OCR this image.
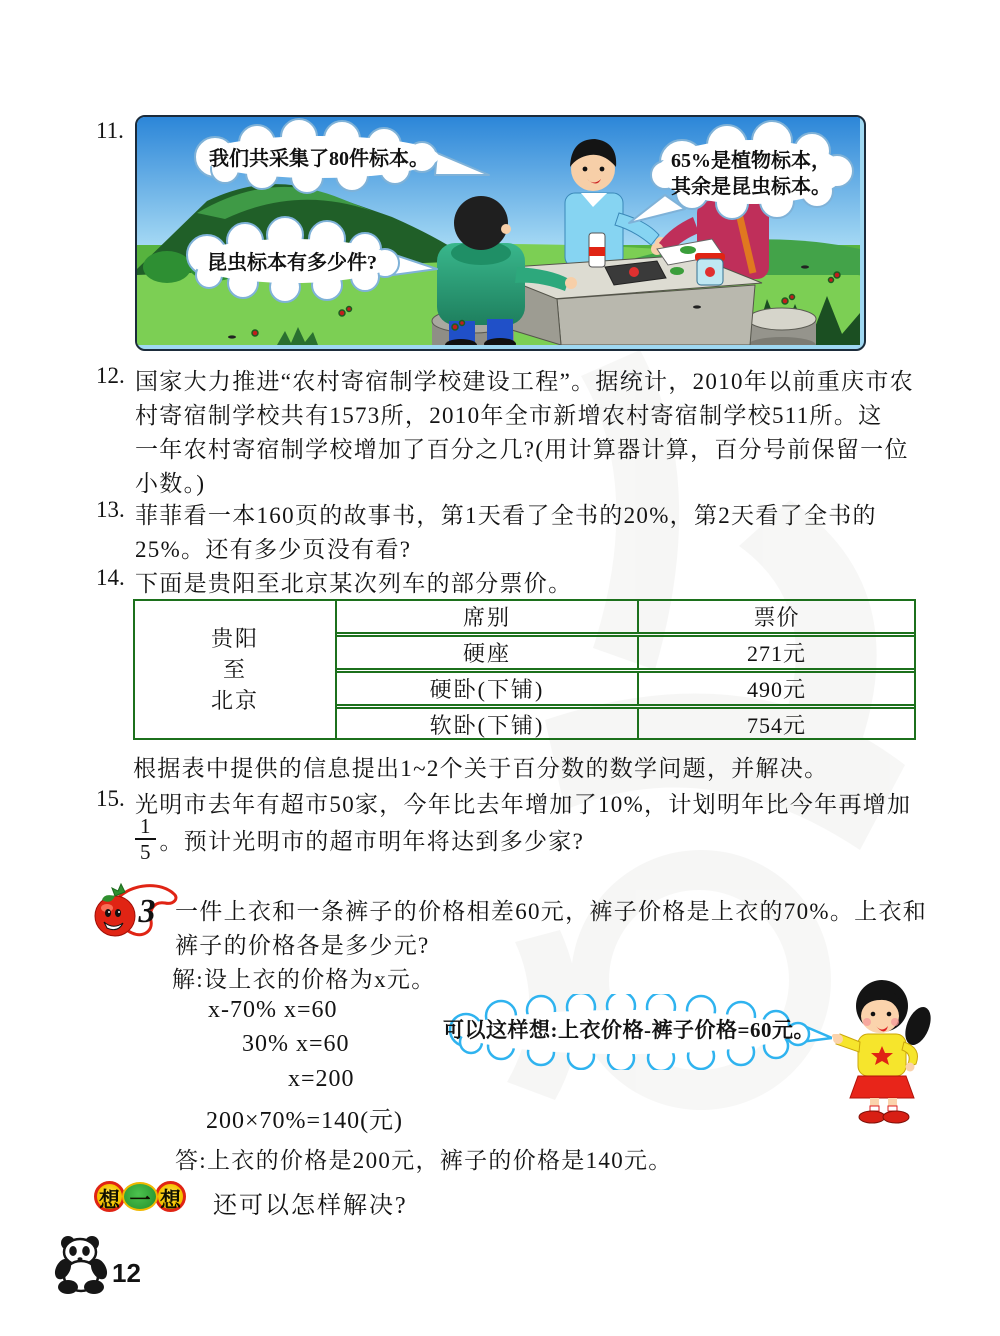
11.
我们共采集了80件标本。	65%是植物标本，
其余是昆虫标本。
昆虫标本有多少件?
12. 国家大力推进“农村寄宿制学校建设工程”。据统计，2010年以前重庆市农
村寄宿制学校共有1573所，2010年全市新增农村寄宿制学校511所。这
一年农村寄宿制学校增加了百分之几?(用计算器计算，百分号前保留一位
小数。)
13. 菲菲看一本160页的故事书，第1天看了全书的20%，第2天看了全书的
25%。还有多少页没有看?
14. 下面是贵阳至北京某次列车的部分票价。
贵阳
至
北京
席别	票价
硬座	271元
硬卧(下铺)	490元
软卧(下铺)	754元
根据表中提供的信息提出1~2个关于百分数的数学问题，并解决。
15. 光明市去年有超市50家，今年比去年增加了10%，计划明年比今年再增加
$\frac{1}{5}$ 。预计光明市的超市明年将达到多少家?
3 一件上衣和一条裤子的价格相差60元，裤子价格是上衣的70%。上衣和
裤子的价格各是多少元?
解:设上衣的价格为x元。
x-70% x=60
30% x=60
x=200
200×70%=140(元)
可以这样想:上衣价格-裤子价格=60元。
答:上衣的价格是200元，裤子的价格是140元。
想 一 想 还可以怎样解决?
12
